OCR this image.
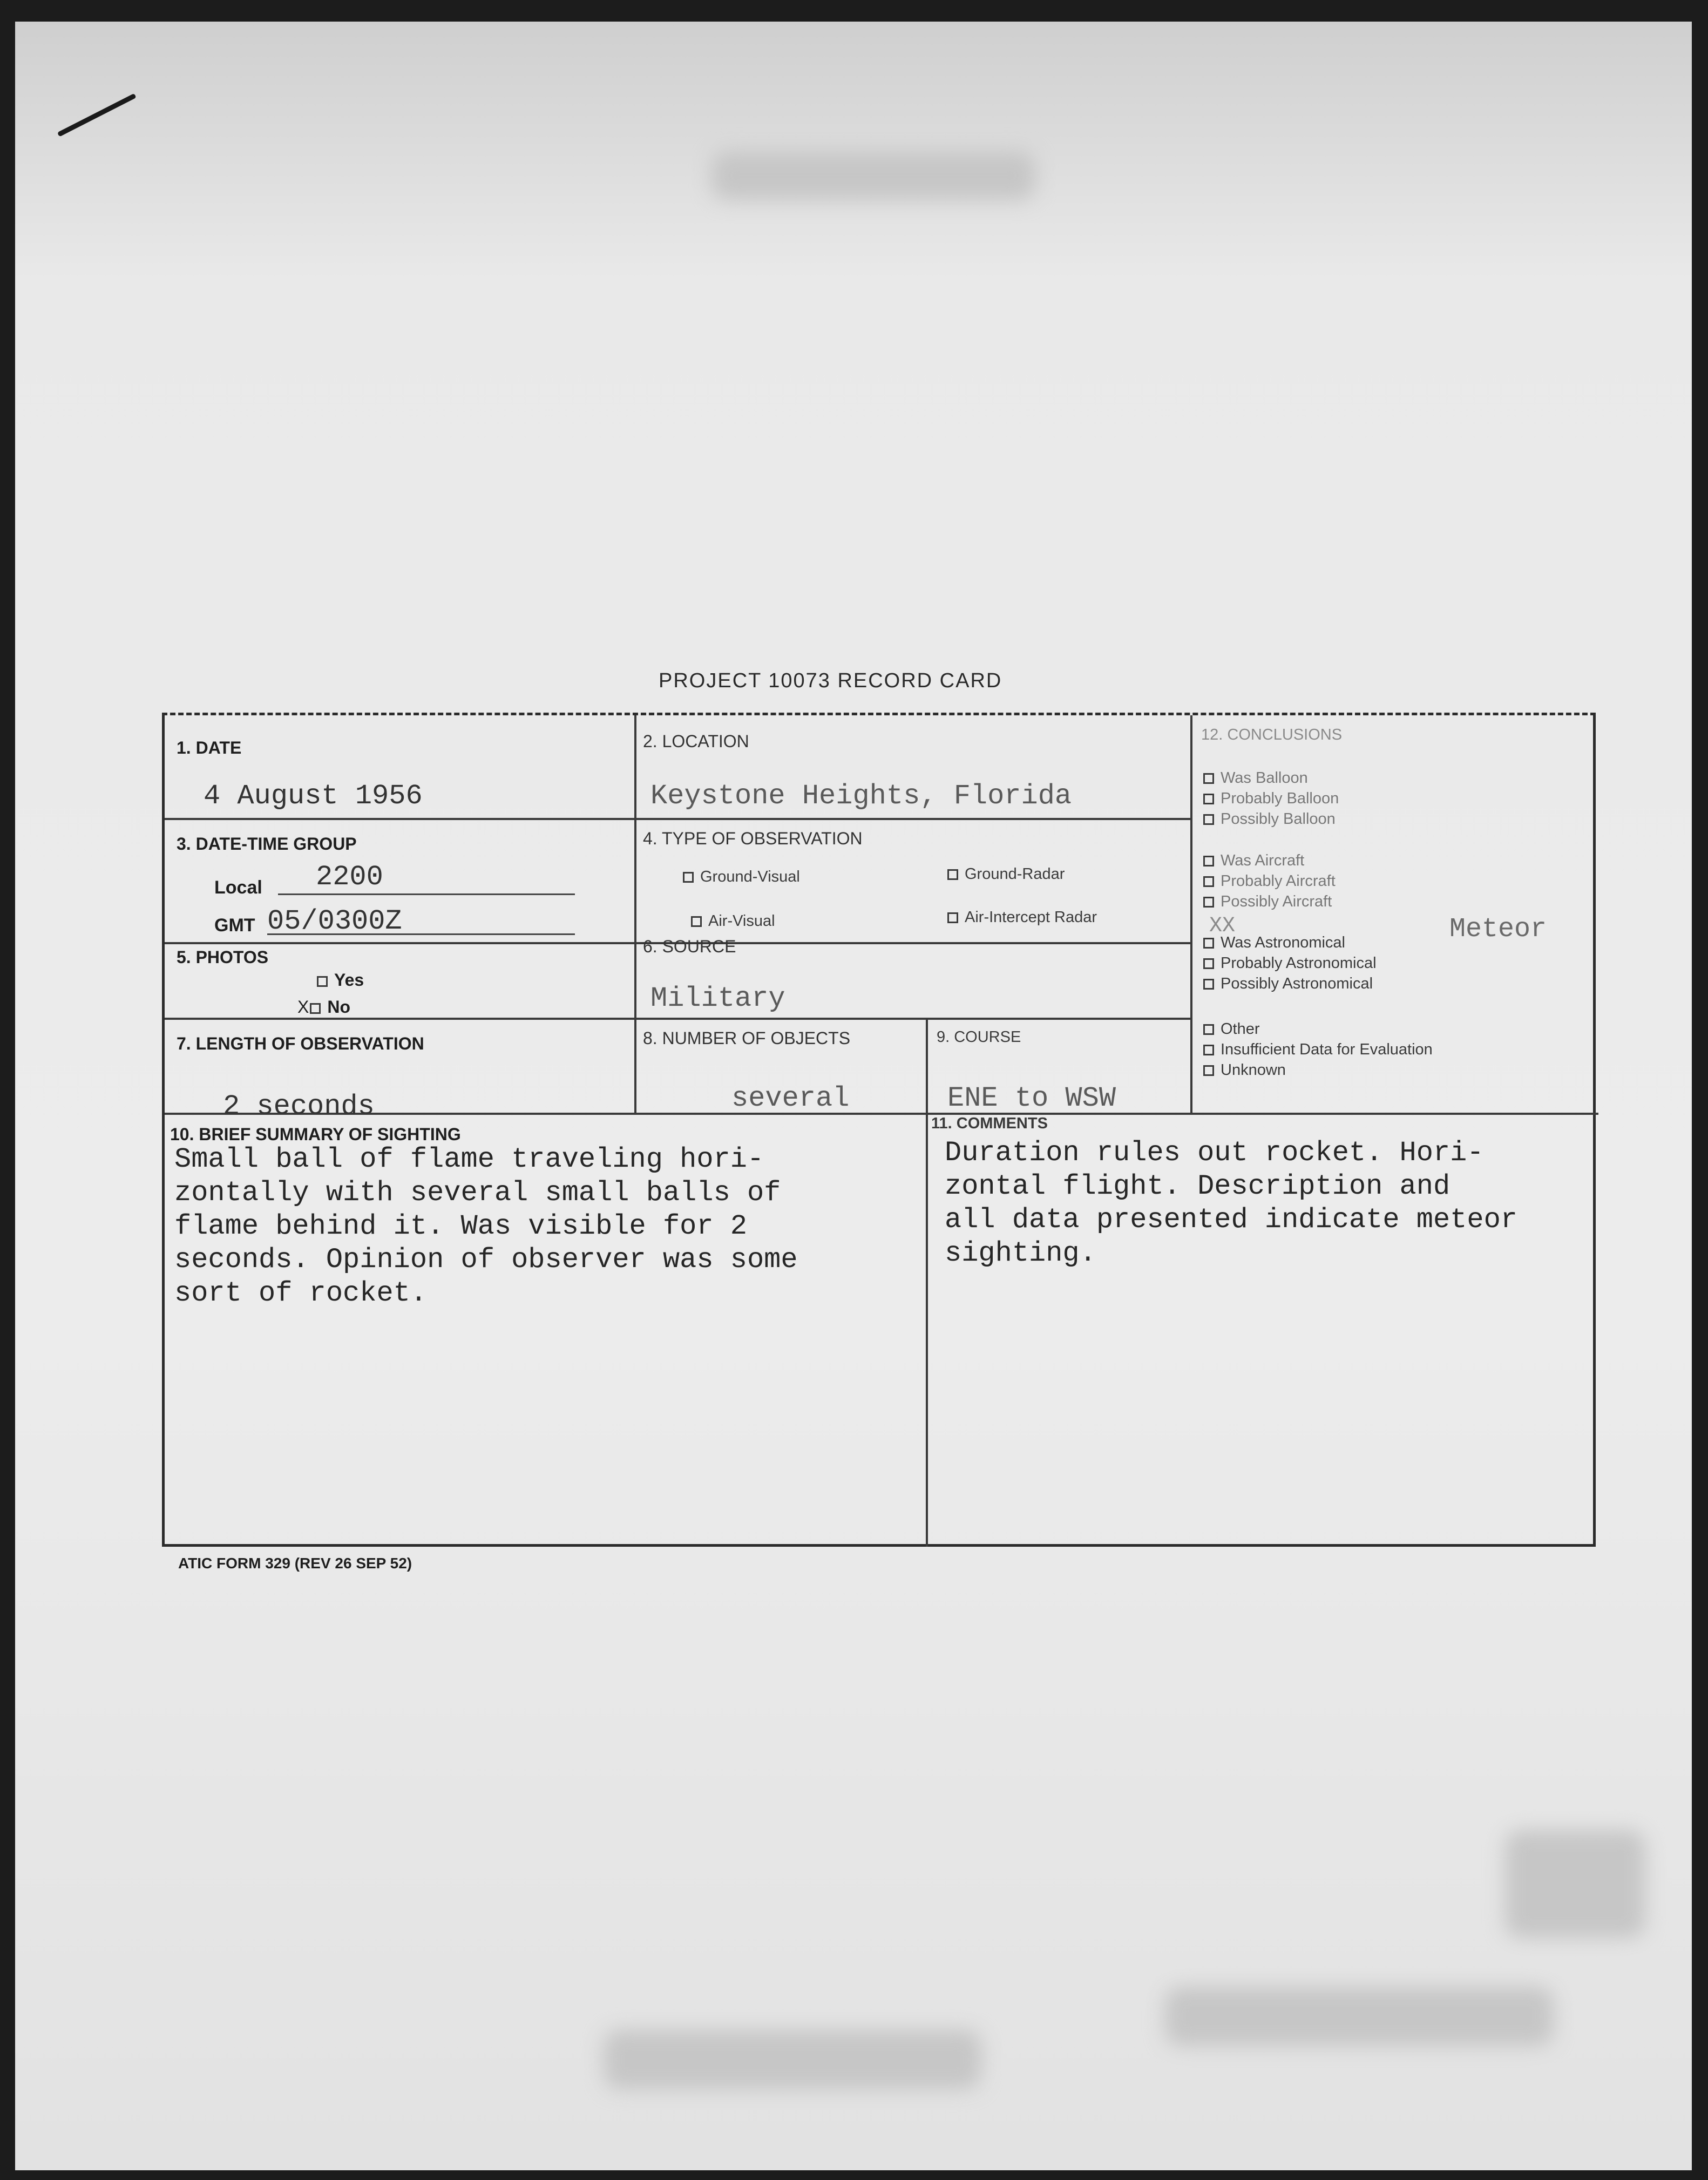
PROJECT 10073 RECORD CARD
1. DATE
4 August 1956
2. LOCATION
Keystone Heights, Florida
3. DATE-TIME GROUP
Local 2200
GMT 05/0300Z
4. TYPE OF OBSERVATION
Ground-Visual	Ground-Radar
Air-Visual	Air-Intercept Radar
5. PHOTOS
Yes
X No
6. SOURCE
Military
7. LENGTH OF OBSERVATION
2 seconds
8. NUMBER OF OBJECTS
several
9. COURSE
ENE to WSW
12. CONCLUSIONS
Was Balloon
Probably Balloon
Possibly Balloon
Was Aircraft
Probably Aircraft
Possibly Aircraft
Was Astronomical
Probably Astronomical
Possibly Astronomical
Other
Insufficient Data for Evaluation
Unknown
XX	Meteor
10. BRIEF SUMMARY OF SIGHTING
Small ball of flame traveling hori-
zontally with several small balls of
flame behind it. Was visible for 2
seconds. Opinion of observer was some
sort of rocket.
11. COMMENTS
Duration rules out rocket. Hori-
zontal flight. Description and
all data presented indicate meteor
sighting.
ATIC FORM 329 (REV 26 SEP 52)
